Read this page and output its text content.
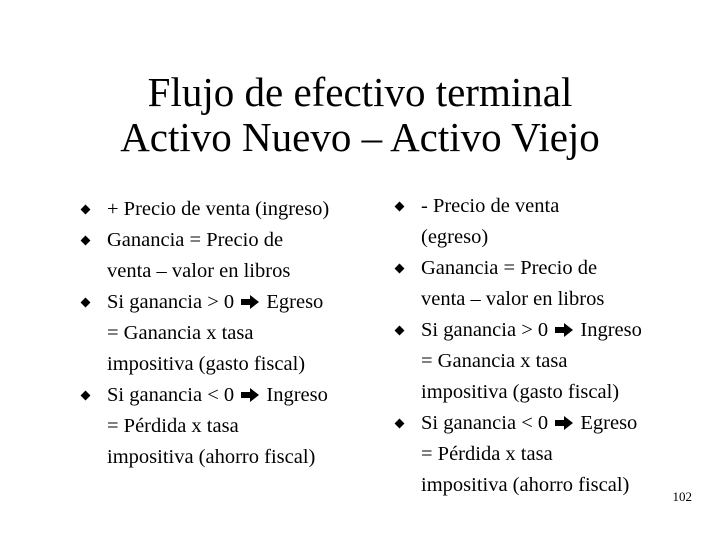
Flujo de efectivo terminal
Activo Nuevo – Activo Viejo
+ Precio de venta (ingreso)
Ganancia = Precio de
venta – valor en libros
Si ganancia > 0 Egreso
= Ganancia x tasa
impositiva (gasto fiscal)
Si ganancia < 0 Ingreso
= Pérdida x tasa
impositiva (ahorro fiscal)
- Precio de venta
(egreso)
Ganancia = Precio de
venta – valor en libros
Si ganancia > 0 Ingreso
= Ganancia x tasa
impositiva (gasto fiscal)
Si ganancia < 0 Egreso
= Pérdida x tasa
impositiva (ahorro fiscal)
102
